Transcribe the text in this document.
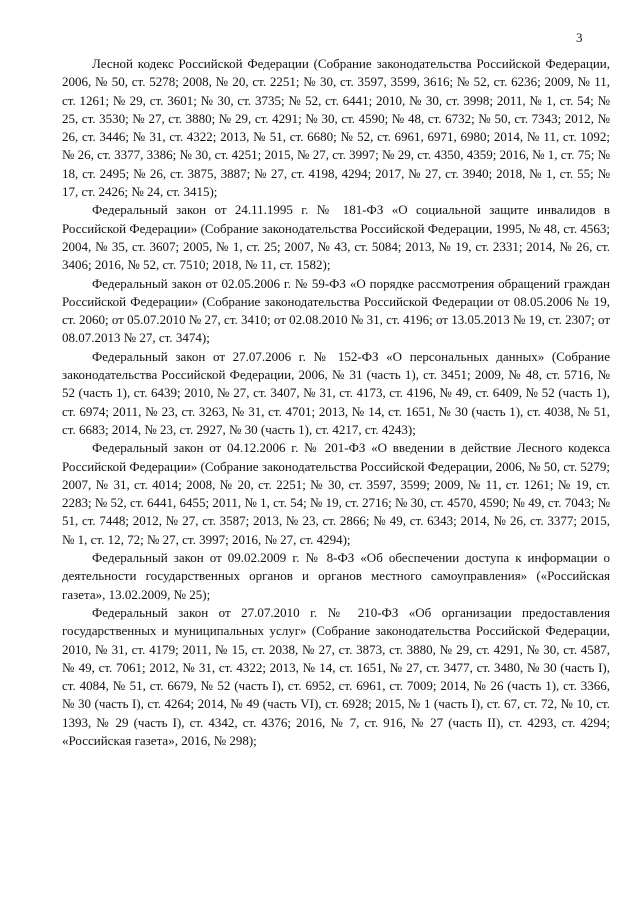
3

Лесной кодекс Российской Федерации (Собрание законодательства Российской Федерации, 2006, № 50, ст. 5278; 2008, № 20, ст. 2251; № 30, ст. 3597, 3599, 3616; № 52, ст. 6236; 2009, № 11, ст. 1261; № 29, ст. 3601; № 30, ст. 3735; № 52, ст. 6441; 2010, № 30, ст. 3998; 2011, № 1, ст. 54; № 25, ст. 3530; № 27, ст. 3880; № 29, ст. 4291; № 30, ст. 4590; № 48, ст. 6732; № 50, ст. 7343; 2012, № 26, ст. 3446; № 31, ст. 4322; 2013, № 51, ст. 6680; № 52, ст. 6961, 6971, 6980; 2014, № 11, ст. 1092; № 26, ст. 3377, 3386; № 30, ст. 4251; 2015, № 27, ст. 3997; № 29, ст. 4350, 4359; 2016, № 1, ст. 75; № 18, ст. 2495; № 26, ст. 3875, 3887; № 27, ст. 4198, 4294; 2017, № 27, ст. 3940; 2018, № 1, ст. 55; № 17, ст. 2426; № 24, ст. 3415);

Федеральный закон от 24.11.1995 г. № 181-ФЗ «О социальной защите инвалидов в Российской Федерации» (Собрание законодательства Российской Федерации, 1995, № 48, ст. 4563; 2004, № 35, ст. 3607; 2005, № 1, ст. 25; 2007, № 43, ст. 5084; 2013, № 19, ст. 2331; 2014, № 26, ст. 3406; 2016, № 52, ст. 7510; 2018, № 11, ст. 1582);

Федеральный закон от 02.05.2006 г. № 59-ФЗ «О порядке рассмотрения обращений граждан Российской Федерации» (Собрание законодательства Российской Федерации от 08.05.2006 № 19, ст. 2060; от 05.07.2010 № 27, ст. 3410; от 02.08.2010 № 31, ст. 4196; от 13.05.2013 № 19, ст. 2307; от 08.07.2013 № 27, ст. 3474);

Федеральный закон от 27.07.2006 г. № 152-ФЗ «О персональных данных» (Собрание законодательства Российской Федерации, 2006, № 31 (часть 1), ст. 3451; 2009, № 48, ст. 5716, № 52 (часть 1), ст. 6439; 2010, № 27, ст. 3407, № 31, ст. 4173, ст. 4196, № 49, ст. 6409, № 52 (часть 1), ст. 6974; 2011, № 23, ст. 3263, № 31, ст. 4701; 2013, № 14, ст. 1651, № 30 (часть 1), ст. 4038, № 51, ст. 6683; 2014, № 23, ст. 2927, № 30 (часть 1), ст. 4217, ст. 4243);

Федеральный закон от 04.12.2006 г. № 201-ФЗ «О введении в действие Лесного кодекса Российской Федерации» (Собрание законодательства Российской Федерации, 2006, № 50, ст. 5279; 2007, № 31, ст. 4014; 2008, № 20, ст. 2251; № 30, ст. 3597, 3599; 2009, № 11, ст. 1261; № 19, ст. 2283; № 52, ст. 6441, 6455; 2011, № 1, ст. 54; № 19, ст. 2716; № 30, ст. 4570, 4590; № 49, ст. 7043; № 51, ст. 7448; 2012, № 27, ст. 3587; 2013, № 23, ст. 2866; № 49, ст. 6343; 2014, № 26, ст. 3377; 2015, № 1, ст. 12, 72; № 27, ст. 3997; 2016, № 27, ст. 4294);

Федеральный закон от 09.02.2009 г. № 8-ФЗ «Об обеспечении доступа к информации о деятельности государственных органов и органов местного самоуправления» («Российская газета», 13.02.2009, № 25);

Федеральный закон от 27.07.2010 г. № 210-ФЗ «Об организации предоставления государственных и муниципальных услуг» (Собрание законодательства Российской Федерации, 2010, № 31, ст. 4179; 2011, № 15, ст. 2038, № 27, ст. 3873, ст. 3880, № 29, ст. 4291, № 30, ст. 4587, № 49, ст. 7061; 2012, № 31, ст. 4322; 2013, № 14, ст. 1651, № 27, ст. 3477, ст. 3480, № 30 (часть I), ст. 4084, № 51, ст. 6679, № 52 (часть I), ст. 6952, ст. 6961, ст. 7009; 2014, № 26 (часть 1), ст. 3366, № 30 (часть I), ст. 4264; 2014, № 49 (часть VI), ст. 6928; 2015, № 1 (часть I), ст. 67, ст. 72, № 10, ст. 1393, № 29 (часть I), ст. 4342, ст. 4376; 2016, № 7, ст. 916, № 27 (часть II), ст. 4293, ст. 4294; «Российская газета», 2016, № 298);
